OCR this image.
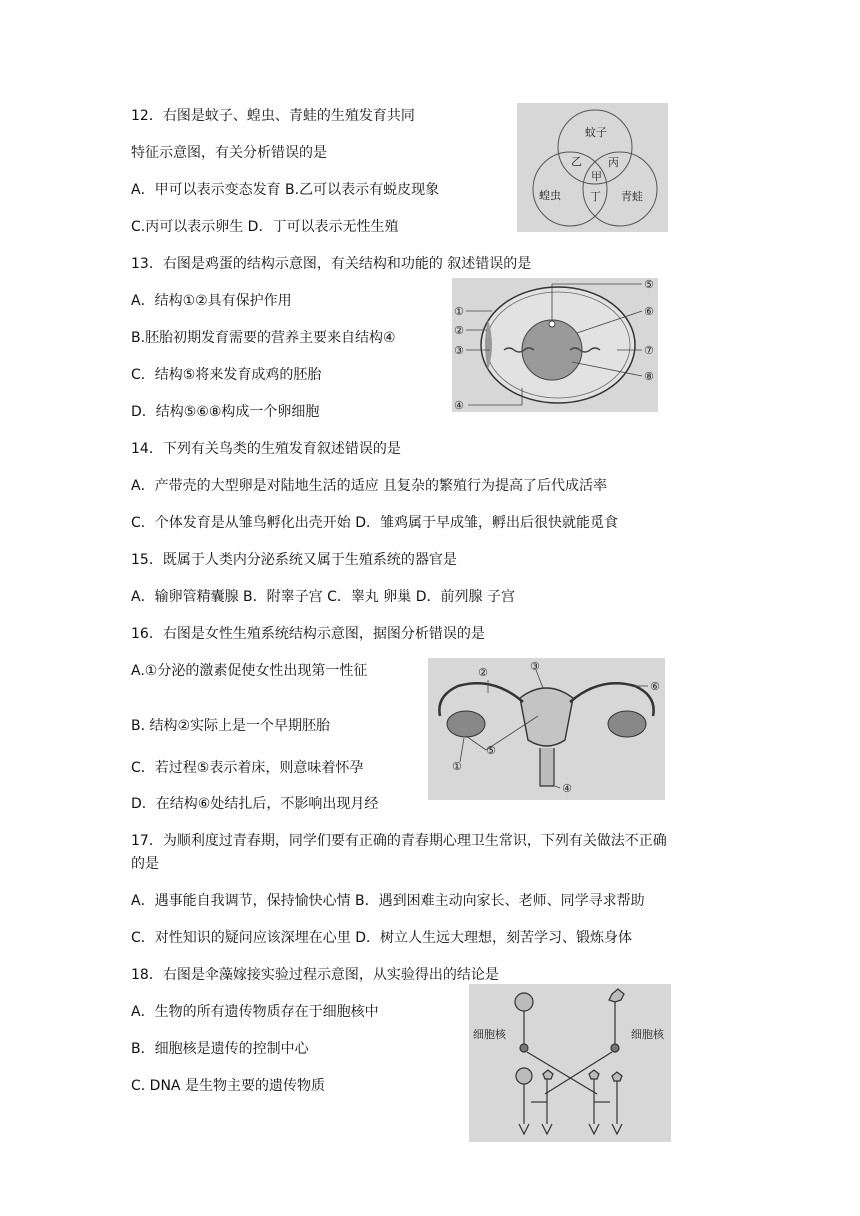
12．右图是蚊子、蝗虫、青蛙的生殖发育共同
特征示意图，有关分析错误的是
A．甲可以表示变态发育 B.乙可以表示有蜕皮现象
C.丙可以表示卵生 D．丁可以表示无性生殖
蚊子
蝗虫	青蛙
乙 丙
甲
丁
13．右图是鸡蛋的结构示意图，有关结构和功能的 叙述错误的是
A．结构①②具有保护作用
B.胚胎初期发育需要的营养主要来自结构④
C．结构⑤将来发育成鸡的胚胎
D．结构⑤⑥⑧构成一个卵细胞
①
②
③
④
⑤
⑥
⑦
⑧
14．下列有关鸟类的生殖发育叙述错误的是
A．产带壳的大型卵是对陆地生活的适应 且复杂的繁殖行为提高了后代成活率
C．个体发育是从雏鸟孵化出壳开始 D．雏鸡属于早成雏，孵出后很快就能觅食
15．既属于人类内分泌系统又属于生殖系统的器官是
A．输卵管精囊腺 B．附睾子宫 C．睾丸 卵巢 D．前列腺 子宫
16．右图是女性生殖系统结构示意图，据图分析错误的是
A.①分泌的激素促使女性出现第一性征
B. 结构②实际上是一个早期胚胎
C．若过程⑤表示着床，则意味着怀孕
D．在结构⑥处结扎后，不影响出现月经
②	③
⑥
⑤
①
④
17．为顺利度过青春期，同学们要有正确的青春期心理卫生常识，下列有关做法不正确
的是
A．遇事能自我调节，保持愉快心情 B．遇到困难主动向家长、老师、同学寻求帮助
C．对性知识的疑问应该深埋在心里 D．树立人生远大理想，刻苦学习、锻炼身体
18．右图是伞藻嫁接实验过程示意图，从实验得出的结论是
A．生物的所有遗传物质存在于细胞核中
B．细胞核是遗传的控制中心
C. DNA 是生物主要的遗传物质
细胞核	细胞核
